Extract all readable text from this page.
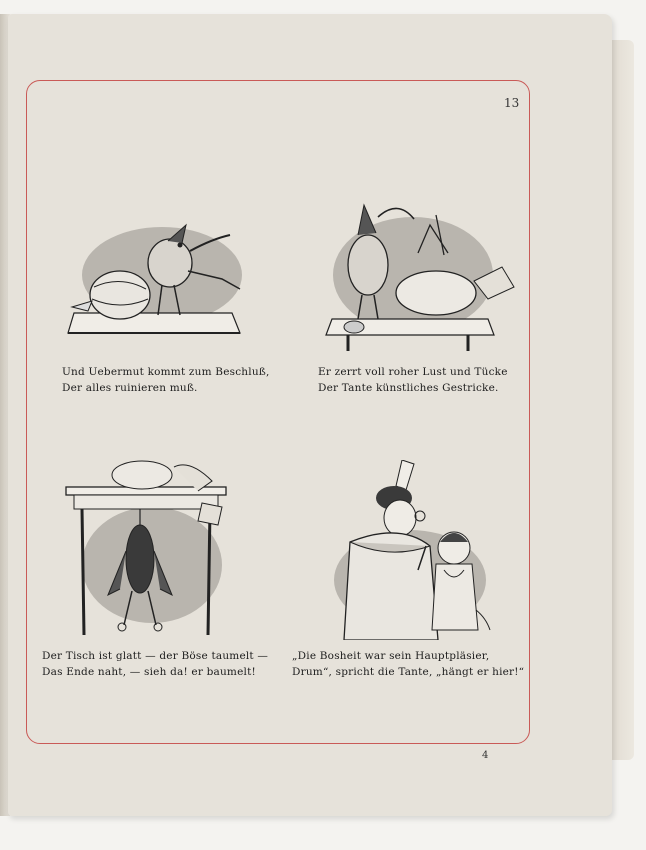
13
Und Uebermut kommt zum Beschluß,
Der alles ruinieren muß.
Er zerrt voll roher Lust und Tücke
Der Tante künstliches Gestricke.
Der Tisch ist glatt — der Böse taumelt —
Das Ende naht, — sieh da! er baumelt!
„Die Bosheit war sein Hauptpläsier,
Drum“, spricht die Tante, „hängt er hier!“
4
